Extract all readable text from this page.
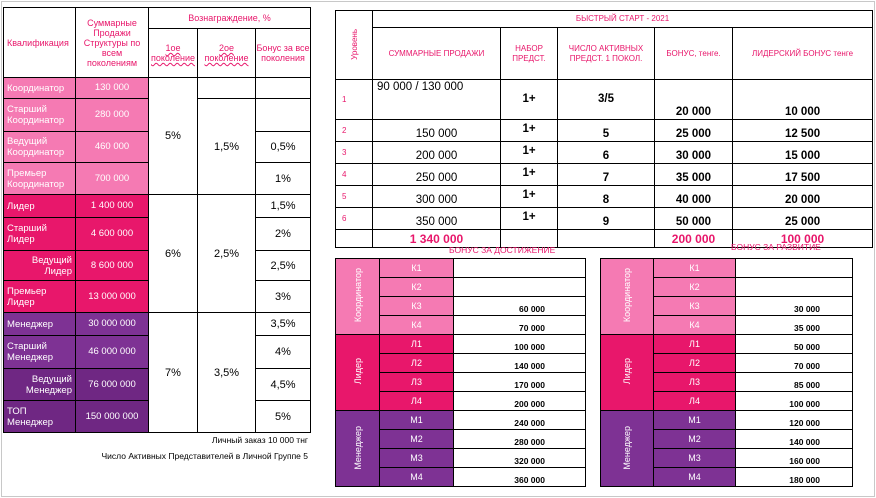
Квалификация	Суммарные Продажи Структуры по всем поколениям	Вознаграждение, %		
		1ое поколение	2ое поколение	Бонус за все поколения
Координатор	130 000	5%		
Старший Координатор	280 000		1,5%	
Ведущий Координатор	460 000			0,5%
Премьер Координатор	700 000			1%
Лидер	1 400 000	6%	2,5%	1,5%
Старший Лидер	4 600 000			2%
Ведущий Лидер	8 600 000			2,5%
Премьер Лидер	13 000 000			3%
Менеджер	30 000 000	7%	3,5%	3,5%
Старший Менеджер	46 000 000			4%
Ведущий Менеджер	76 000 000			4,5%
ТОП Менеджер	150 000 000			5%
Личный заказ 10 000 тнг
Число Активных Представителей в Личной Группе 5
Уровень	БЫСТРЫЙ СТАРТ - 2021				
	СУММАРНЫЕ ПРОДАЖИ	НАБОР ПРЕДСТ.	ЧИСЛО АКТИВНЫХ ПРЕДСТ. 1 ПОКОЛ.	БОНУС, тенге.	ЛИДЕРСКИЙ БОНУС тенге
1	90 000 / 130 000	1+	3/5	20 000	10 000
2	150 000	1+	5	25 000	12 500
3	200 000	1+	6	30 000	15 000
4	250 000	1+	7	35 000	17 500
5	300 000	1+	8	40 000	20 000
6	350 000	1+	9	50 000	25 000
	1 340 000			200 000	100 000
БОНУС ЗА ДОСТИЖЕНИЕ
Координатор	К1	
	К2	
	К3	60 000
	К4	70 000
Лидер	Л1	100 000
	Л2	140 000
	Л3	170 000
	Л4	200 000
Менеджер	М1	240 000
	М2	280 000
	М3	320 000
	М4	360 000
БОНУС ЗА РАЗВИТИЕ
Координатор	К1	
	К2	
	К3	30 000
	К4	35 000
Лидер	Л1	50 000
	Л2	70 000
	Л3	85 000
	Л4	100 000
Менеджер	М1	120 000
	М2	140 000
	М3	160 000
	М4	180 000
